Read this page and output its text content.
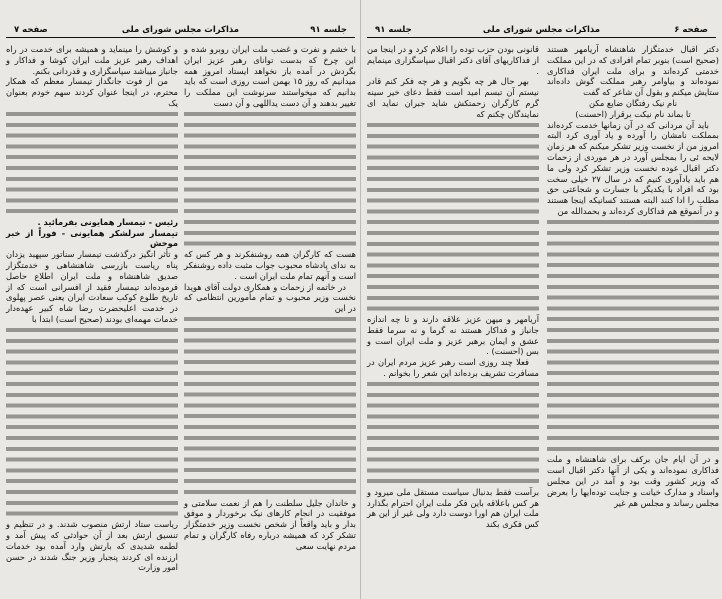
جلسه ۹۱
مذاکرات مجلس شورای ملی
صفحه ۷

با خشم و نفرت و غضب ملت ایران روبرو شده و این چرخ که بدست توانای رهبر عزیز ایران بگردش در آمده باز نخواهد ایستاد امروز همه میدانیم که روز ۱۵ بهمن است روزی است که باید بدانیم که میخواستند سرنوشت این مملکت را تغییر بدهند و آن دست یداللهی و آن دست

هست که کارگران همه روشنفکرند و هر کس که به ندای پادشاه محبوب جواب مثبت داده روشنفکر است و آنهم تمام ملت ایران است .

در خاتمه از زحمات و همکاری دولت آقای هویدا نخست وزیر محبوب و تمام مأمورین انتظامی که در این

و خاندان جلیل سلطنت را هم از نعمت سلامتی و موفقیت در انجام کارهای نیک برخوردار و موفق بدار و باید واقعاً از شخص نخست وزیر خدمتگزار تشکر کرد که همیشه درباره رفاه کارگران و تمام مردم نهایت سعی

و کوشش را مینماید و همیشه برای خدمت در راه اهداف رهبر عزیز ملت ایران کوشا و فداکار و جانباز میباشد سپاسگزاری و قدردانی بکنم.

من از فوت جانگداز تیمسار معظم که همکار محترم، در اینجا عنوان کردند سهم خودم بعنوان یک

رئیس - تیمسار همایونی بفرمائید .

تیمسار سرلشکر همایونی - فوراً از خبر موحش

و تأثر انگیز درگذشت تیمسار سناتور سپهبد یزدان پناه ریاست بازرسی شاهنشاهی و خدمتگزار صدیق شاهنشاه و ملت ایران اطلاع حاصل فرموده‌اند تیمسار فقید از افسرانی است که از تاریخ طلوع کوکب سعادت ایران یعنی عصر پهلوی در خدمت اعلیحضرت رضا شاه کبیر عهده‌دار خدمات مهمه‌ای بودند (صحیح است) ابتدا با

ریاست ستاد ارتش منصوب شدند. و در تنظیم و تنسیق ارتش بعد از آن حوادثی که پیش آمد و لطمه شدیدی که بارتش وارد آمده بود خدمات ارزنده ای کردند پنجبار وزیر جنگ شدند در حسن امور وزارت

صفحه ۶
مذاکرات مجلس شورای ملی
جلسه ۹۱

دکتر اقبال خدمتگزار شاهنشاه آریامهر هستند (صحیح است) بنوبر تمام افرادی که در این مملکت خدمتی کرده‌اند و برای ملت ایران فداکاری نموده‌اند و بیاوامر رهبر مملکت گوش داده‌اند ستایش میکنم و بقول آن شاعر که گفت

نام نیک رفتگان ضایع مکن

تا بماند نام نیکت برقرار (احسنت)

باید آن مردانی که در آن زمانها خدمت کرده‌اند بمملکت نامشان را آورده و یاد آوری کرد البته امروز من از نخست وزیر تشکر میکنم که هر زمان لایحه ئی را بمجلس آورد در هر موردی از زحمات دکتر اقبال عوده نخست وزیر تشکر کرد ولی ما هم باید یادآوری کنیم که در سال ۲۷ خیلی سخت بود که افراد با یکدیگر با جسارت و شجاعتی حق مطلب را ادا کنند البته هستند کسانیکه اینجا هستند و در آنموقع هم فداکاری کرده‌اند و بحمدالله من

و در آن ایام جان برکف برای شاهنشاه و ملت فداکاری نموده‌اند و یکی از آنها دکتر اقبال است که وزیر کشور وقت بود و آمد در این مجلس واسناد و مدارک خیانت و جنایت توده‌ایها را بعرض مجلس رساند و مجلس هم غیر

قانونی بودن حزب توده را اعلام کرد و در اینجا من از فداکاریهای آقای دکتر اقبال سپاسگزاری مینمایم .

بهر حال هر چه بگویم و هر چه فکر کنم قادر نیستم آن تبسم امید است فقط دعای خیر سینه گرم کارگران زحمتکش شاید جبران نماید ای نمایندگان چکنم که

آریامهر و میهن عزیز علاقه دارند و تا چه اندازه جانباز و فداکار هستند نه گرما و نه سرما فقط عشق و ایمان برهبر عزیز و ملت ایران است و بس (احسنت) .

فعلا چند روزی است رهبر عزیز مردم ایران در مسافرت تشریف برده‌اند این شعر را بخوانم .

برآست فقط بدنبال سیاست مستقل ملی میرود و هر کس باعلاقه باین فکر ملت ایران احترام بگذارد ملت ایران هم اورا دوست دارد ولی غیر از این هر کس فکری بکند
